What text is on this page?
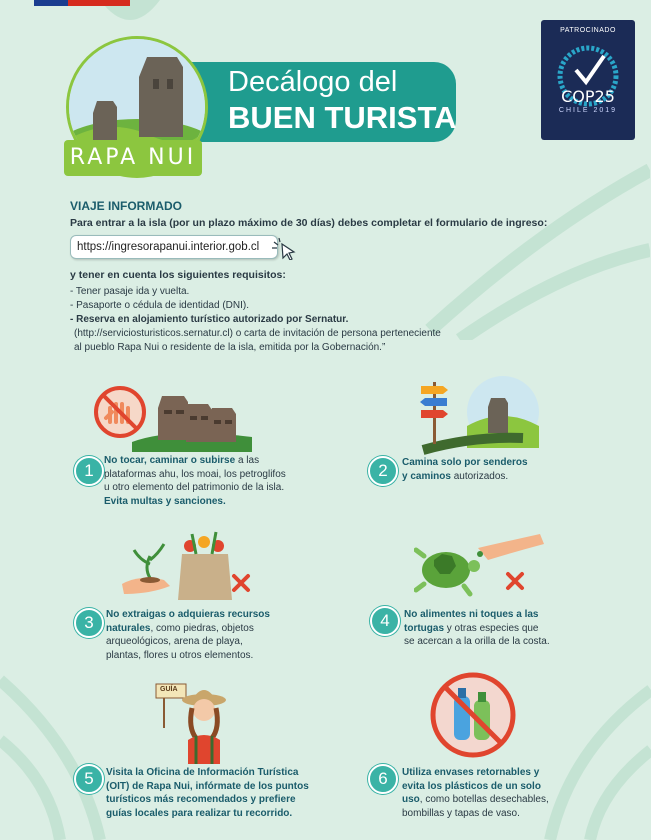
Decálogo del
BUEN TURISTA
RAPA NUI
PATROCINADO
COP25
CHILE 2019
VIAJE INFORMADO
Para entrar a la isla (por un plazo máximo de 30 días) debes completar el formulario de ingreso:
https://ingresorapanui.interior.gob.cl
y tener en cuenta los siguientes requisitos:
- Tener pasaje ida y vuelta.
- Pasaporte o cédula de identidad (DNI).
- Reserva en alojamiento turístico autorizado por Sernatur.
(http://serviciosturisticos.sernatur.cl) o carta de invitación de persona perteneciente
al pueblo Rapa Nui o residente de la isla, emitida por la Gobernación.”
GUÍA
1
No tocar, caminar o subirse a las
plataformas ahu, los moai, los petroglifos
u otro elemento del patrimonio de la isla.
Evita multas y sanciones.
2	Camina solo por senderos
y caminos autorizados.
3	No extraigas o adquieras recursos
naturales, como piedras, objetos
arqueológicos, arena de playa,
plantas, flores u otros elementos.
4	No alimentes ni toques a las
tortugas y otras especies que
se acercan a la orilla de la costa.
5	Visita la Oficina de Información Turística
(OIT) de Rapa Nui, infórmate de los puntos
turísticos más recomendados y prefiere
guías locales para realizar tu recorrido.
6	Utiliza envases retornables y
evita los plásticos de un solo
uso, como botellas desechables,
bombillas y tapas de vaso.
